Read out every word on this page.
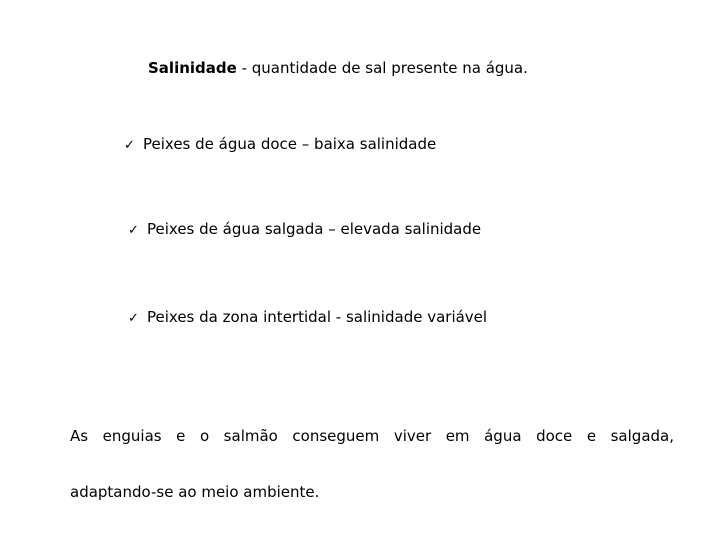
Salinidade - quantidade de sal presente na água.
✓ Peixes de água doce – baixa salinidade
✓ Peixes de água salgada – elevada salinidade
✓ Peixes da zona intertidal - salinidade variável
As enguias e o salmão conseguem viver em água doce e salgada,
adaptando-se ao meio ambiente.
